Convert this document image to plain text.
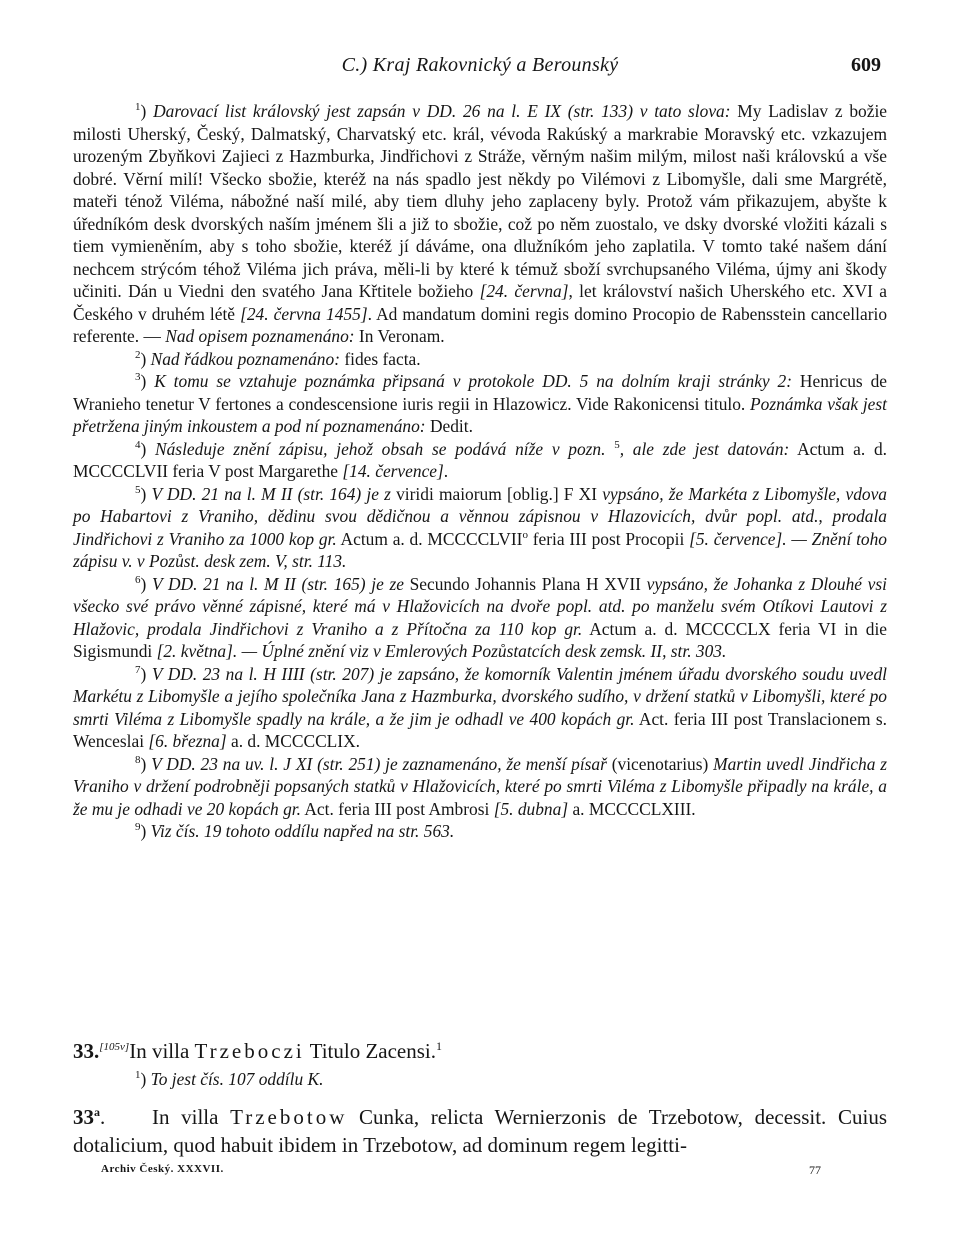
C.) Kraj Rakovnický a Berounský	609

$^1$) Darovací list královský jest zapsán v DD. 26 na l. E IX (str. 133) v tato slova: My Ladislav z božie milosti Uherský, Český, Dalmatský, Charvatský etc. král, vévoda Rakúský a markrabie Moravský etc. vzkazujem urozeným Zbyňkovi Zajieci z Hazmburka, Jindřichovi z Stráže, věrným našim milým, milost naši královskú a vše dobré. Věrní milí! Všecko sbožie, kteréž na nás spadlo jest někdy po Vilémovi z Libomyšle, dali sme Margrétě, mateři ténož Viléma, nábožné naší milé, aby tiem dluhy jeho zaplaceny byly. Protož vám přikazujem, abyšte k úředníkóm desk dvorských naším jménem šli a již to sbožie, což po něm zuostalo, ve dsky dvorské vložiti kázali s tiem vymieněním, aby s toho sbožie, kteréž jí dáváme, ona dlužníkóm jeho zaplatila. V tomto také našem dání nechcem strýcóm téhož Viléma jich práva, měli-li by které k témuž sboží svrchupsaného Viléma, újmy ani škody učiniti. Dán u Viedni den svatého Jana Křtitele božieho [24. června], let království našich Uherského etc. XVI a Českého v druhém létě [24. června 1455]. Ad mandatum domini regis domino Procopio de Rabensstein cancellario referente. — Nad opisem poznamenáno: In Veronam.

$^2$) Nad řádkou poznamenáno: fides facta.

$^3$) K tomu se vztahuje poznámka připsaná v protokole DD. 5 na dolním kraji stránky 2: Henricus de Wranieho tenetur V fertones a condescensione iuris regii in Hlazowicz. Vide Rakonicensi titulo. Poznámka však jest přetržena jiným inkoustem a pod ní poznamenáno: Dedit.

$^4$) Následuje znění zápisu, jehož obsah se podává níže v pozn. $^5$, ale zde jest datován: Actum a. d. MCCCCLVII feria V post Margarethe [14. července].

$^5$) V DD. 21 na l. M II (str. 164) je z viridi maiorum [oblig.] F XI vypsáno, že Markéta z Libomyšle, vdova po Habartovi z Vraniho, dědinu svou dědičnou a věnnou zápisnou v Hlazovicích, dvůr popl. atd., prodala Jindřichovi z Vraniho za 1000 kop gr. Actum a. d. MCCCCLVII$^o$ feria III post Procopii [5. července]. — Znění toho zápisu v. v Pozůst. desk zem. V, str. 113.

$^6$) V DD. 21 na l. M II (str. 165) je ze Secundo Johannis Plana H XVII vypsáno, že Johanka z Dlouhé vsi všecko své právo věnné zápisné, které má v Hlažovicích na dvoře popl. atd. po manželu svém Otíkovi Lautovi z Hlažovic, prodala Jindřichovi z Vraniho a z Přítočna za 110 kop gr. Actum a. d. MCCCCLX feria VI in die Sigismundi [2. května]. — Úplné znění viz v Emlerových Pozůstatcích desk zemsk. II, str. 303.

$^7$) V DD. 23 na l. H IIII (str. 207) je zapsáno, že komorník Valentin jménem úřadu dvorského soudu uvedl Markétu z Libomyšle a jejího společníka Jana z Hazmburka, dvorského sudího, v držení statků v Libomyšli, které po smrti Viléma z Libomyšle spadly na krále, a že jim je odhadl ve 400 kopách gr. Act. feria III post Translacionem s. Wenceslai [6. března] a. d. MCCCCLIX.

$^8$) V DD. 23 na uv. l. J XI (str. 251) je zaznamenáno, že menší písař (vicenotarius) Martin uvedl Jindřicha z Vraniho v držení podrobněji popsaných statků v Hlažovicích, které po smrti Viléma z Libomyšle připadly na krále, a že mu je odhadi ve 20 kopách gr. Act. feria III post Ambrosi [5. dubna] a. MCCCCLXIII.

$^9$) Viz čís. 19 tohoto oddílu napřed na str. 563.

33.[105v]In villa Trzeboczi Titulo Zacensi.$^1$

$^1$) To jest čís. 107 oddílu K.

33$^a$. In villa Trzebotow Cunka, relicta Wernierzonis de Trzebotow, decessit. Cuius dotalicium, quod habuit ibidem in Trzebotow, ad dominum regem legitti-

Archiv Český. XXXVII.	77
